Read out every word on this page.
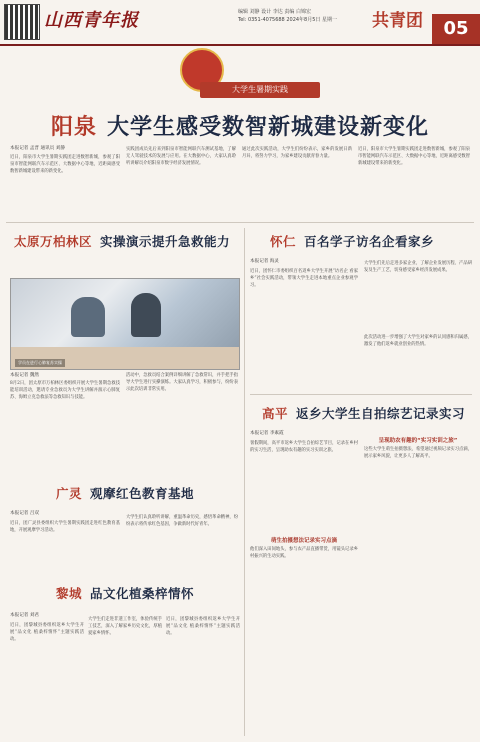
山西青年报	编辑 刘静 设计 李达 责编 白锦宏
Tel: 0351-4075688 2024年8月5日 星期一	共青团	05
大学生暑期实践
阳泉 大学生感受数智新城建设新变化
本报记者 孟晋 通讯员 刘静
近日，阳泉市大学生暑期实践团走进数智新城，参观了阳泉市智能网联汽车示范区、大数据中心等地，近距离感受数智新城建设带来的新变化。
实践团成员先后来到阳泉市智能网联汽车测试基地，了解无人驾驶技术的发展与应用。在大数据中心，大家认真聆听讲解员介绍阳泉市数字经济发展情况。
通过此次实践活动，大学生们纷纷表示，家乡的发展日新月异，将努力学习，为家乡建设贡献青春力量。
近日，阳泉市大学生暑期实践团走进数智新城，参观了阳泉市智能网联汽车示范区、大数据中心等地，近距离感受数智新城建设带来的新变化。
太原万柏林区 实操演示提升急救能力
学员在进行心肺复苏实操
本报记者 魏然
8月2日，团太原市万柏林区委组织开展大学生暑期急救技能培训活动，邀请专业急救员为大学生讲解并演示心肺复苏、海姆立克急救法等急救知识与技能。
活动中，急救员结合案例详细讲解了急救常识，并手把手指导大学生进行实操演练。大家认真学习，积极参与，纷纷表示此次培训非常实用。
广灵 观摩红色教育基地
本报记者 吕双
近日，团广灵县委组织大学生暑期实践团走进红色教育基地，开展观摩学习活动。
大学生们认真聆听讲解，重温革命历史，感悟革命精神，纷纷表示将传承红色基因，争做新时代好青年。
黎城 品文化植桑梓情怀
本报记者 刘君
近日，团黎城县委组织返乡大学生开展“品文化 植桑梓情怀”主题实践活动。
大学生们走进非遗工作室，体验传统手工技艺，深入了解家乡历史文化，厚植爱家乡情怀。
近日，团黎城县委组织返乡大学生开展“品文化 植桑梓情怀”主题实践活动。
怀仁 百名学子访名企看家乡
本报记者 海灵
近日，团怀仁市委组织百名返乡大学生开展“访名企 看家乡”社会实践活动，带领大学生走进本地重点企业参观学习。
大学生们先后走进多家企业，了解企业发展历程、产品研发及生产工艺，切身感受家乡经济发展成果。
此次活动进一步增强了大学生对家乡的认同感和归属感，激发了他们返乡就业创业的热情。
高平 返乡大学生自拍综艺记录实习
本报记者 李素霞
暑假期间，高平市返乡大学生自拍综艺节目，记录在乡村的实习生活，呈现助农有趣的实习实训之旅。
萌生拍摄想法记录实习点滴
他们深入田间地头，参与农产品直播带货，用镜头记录乡村振兴的生动实践。
呈现助农有趣的“实习实训之旅”
这些大学生萌生拍摄想法，希望通过视频记录实习点滴，展示家乡风貌，让更多人了解高平。
